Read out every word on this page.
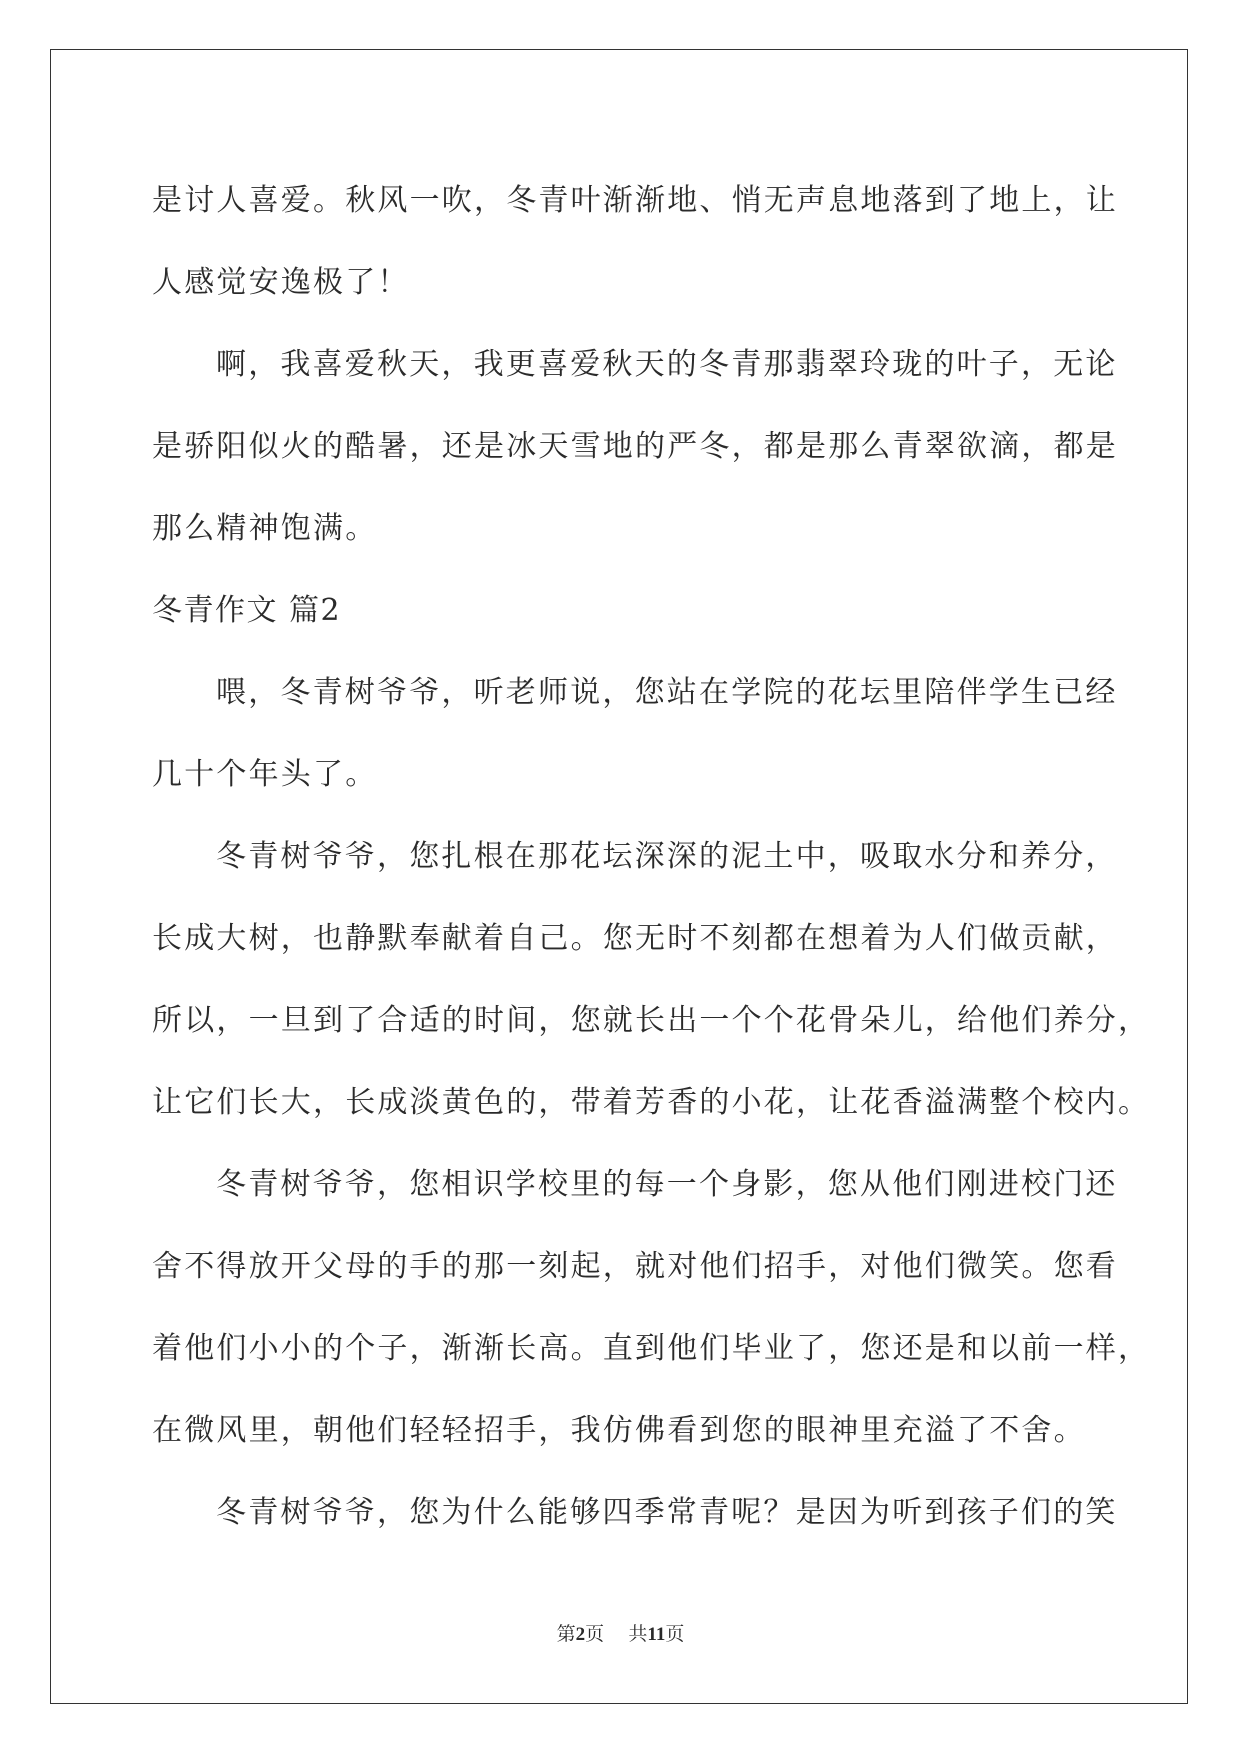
是讨人喜爱。秋风一吹，冬青叶渐渐地、悄无声息地落到了地上，让
人感觉安逸极了！
啊，我喜爱秋天，我更喜爱秋天的冬青那翡翠玲珑的叶子，无论
是骄阳似火的酷暑，还是冰天雪地的严冬，都是那么青翠欲滴，都是
那么精神饱满。
冬青作文 篇2
喂，冬青树爷爷，听老师说，您站在学院的花坛里陪伴学生已经
几十个年头了。
冬青树爷爷，您扎根在那花坛深深的泥土中，吸取水分和养分，
长成大树，也静默奉献着自己。您无时不刻都在想着为人们做贡献，
所以，一旦到了合适的时间，您就长出一个个花骨朵儿，给他们养分，
让它们长大，长成淡黄色的，带着芳香的小花，让花香溢满整个校内。
冬青树爷爷，您相识学校里的每一个身影，您从他们刚进校门还
舍不得放开父母的手的那一刻起，就对他们招手，对他们微笑。您看
着他们小小的个子，渐渐长高。直到他们毕业了，您还是和以前一样，
在微风里，朝他们轻轻招手，我仿佛看到您的眼神里充溢了不舍。
冬青树爷爷，您为什么能够四季常青呢？是因为听到孩子们的笑
第2页 共11页
